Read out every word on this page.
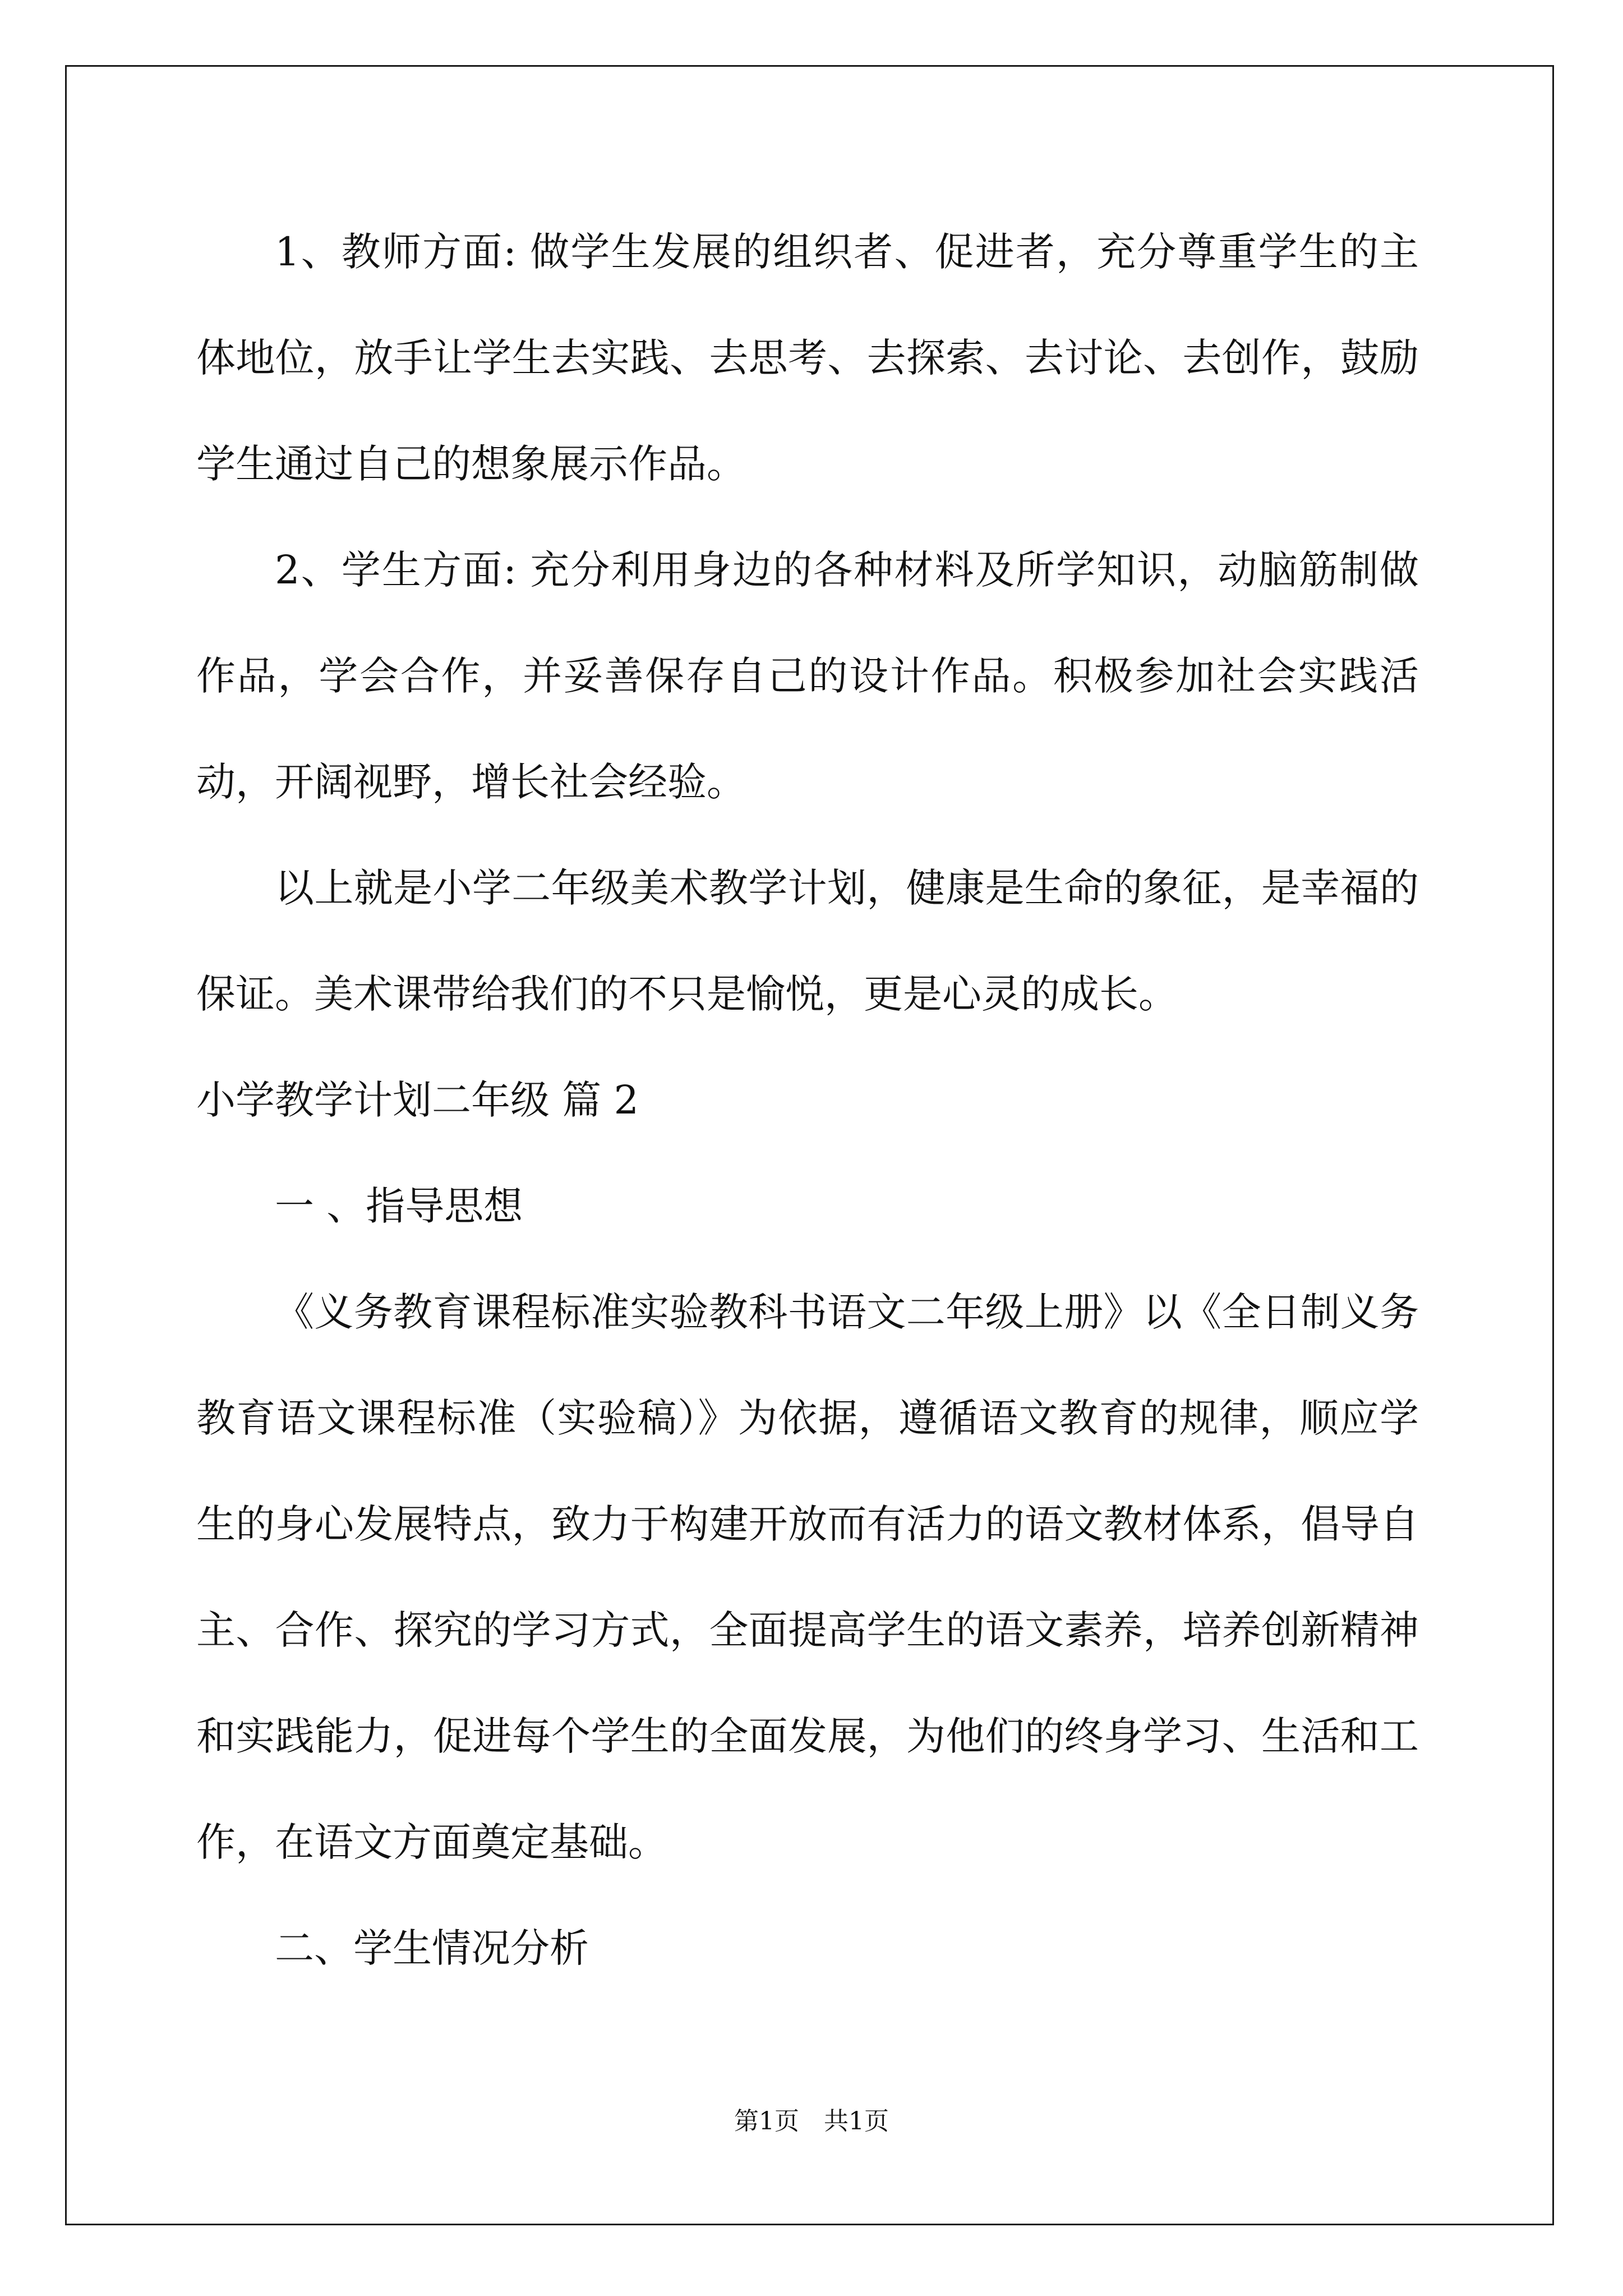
1、教师方面: 做学生发展的组织者、促进者，充分尊重学生的主体地位，放手让学生去实践、去思考、去探索、去讨论、去创作，鼓励学生通过自己的想象展示作品。

2、学生方面: 充分利用身边的各种材料及所学知识，动脑筋制做作品，学会合作，并妥善保存自己的设计作品。积极参加社会实践活动，开阔视野，增长社会经验。

以上就是小学二年级美术教学计划，健康是生命的象征，是幸福的保证。美术课带给我们的不只是愉悦，更是心灵的成长。

小学教学计划二年级 篇 2

一 、指导思想

《义务教育课程标准实验教科书语文二年级上册》以《全日制义务教育语文课程标准（实验稿）》为依据，遵循语文教育的规律，顺应学生的身心发展特点，致力于构建开放而有活力的语文教材体系，倡导自主、合作、探究的学习方式，全面提高学生的语文素养，培养创新精神和实践能力，促进每个学生的全面发展，为他们的终身学习、生活和工作，在语文方面奠定基础。

二、学生情况分析

第1页　共1页
